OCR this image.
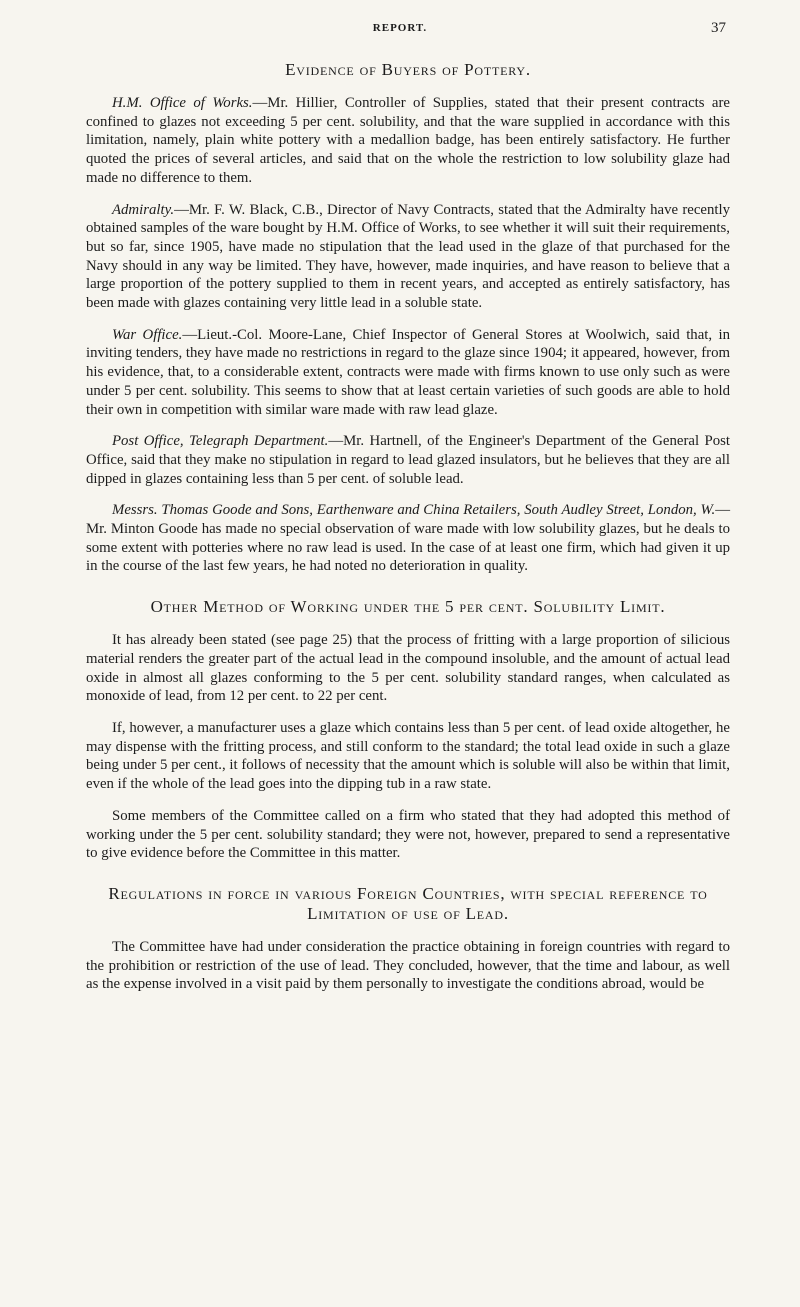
REPORT.	37
Evidence of Buyers of Pottery.

H.M. Office of Works.—Mr. Hillier, Controller of Supplies, stated that their present contracts are confined to glazes not exceeding 5 per cent. solubility, and that the ware supplied in accordance with this limitation, namely, plain white pottery with a medallion badge, has been entirely satisfactory. He further quoted the prices of several articles, and said that on the whole the restriction to low solubility glaze had made no difference to them.

Admiralty.—Mr. F. W. Black, C.B., Director of Navy Contracts, stated that the Admiralty have recently obtained samples of the ware bought by H.M. Office of Works, to see whether it will suit their requirements, but so far, since 1905, have made no stipulation that the lead used in the glaze of that purchased for the Navy should in any way be limited. They have, however, made inquiries, and have reason to believe that a large proportion of the pottery supplied to them in recent years, and accepted as entirely satisfactory, has been made with glazes containing very little lead in a soluble state.

War Office.—Lieut.-Col. Moore-Lane, Chief Inspector of General Stores at Woolwich, said that, in inviting tenders, they have made no restrictions in regard to the glaze since 1904; it appeared, however, from his evidence, that, to a considerable extent, contracts were made with firms known to use only such as were under 5 per cent. solubility. This seems to show that at least certain varieties of such goods are able to hold their own in competition with similar ware made with raw lead glaze.

Post Office, Telegraph Department.—Mr. Hartnell, of the Engineer's Department of the General Post Office, said that they make no stipulation in regard to lead glazed insulators, but he believes that they are all dipped in glazes containing less than 5 per cent. of soluble lead.

Messrs. Thomas Goode and Sons, Earthenware and China Retailers, South Audley Street, London, W.—Mr. Minton Goode has made no special observation of ware made with low solubility glazes, but he deals to some extent with potteries where no raw lead is used. In the case of at least one firm, which had given it up in the course of the last few years, he had noted no deterioration in quality.

Other Method of Working under the 5 per cent. Solubility Limit.

It has already been stated (see page 25) that the process of fritting with a large proportion of silicious material renders the greater part of the actual lead in the compound insoluble, and the amount of actual lead oxide in almost all glazes conforming to the 5 per cent. solubility standard ranges, when calculated as monoxide of lead, from 12 per cent. to 22 per cent.

If, however, a manufacturer uses a glaze which contains less than 5 per cent. of lead oxide altogether, he may dispense with the fritting process, and still conform to the standard; the total lead oxide in such a glaze being under 5 per cent., it follows of necessity that the amount which is soluble will also be within that limit, even if the whole of the lead goes into the dipping tub in a raw state.

Some members of the Committee called on a firm who stated that they had adopted this method of working under the 5 per cent. solubility standard; they were not, however, prepared to send a representative to give evidence before the Committee in this matter.

Regulations in force in various Foreign Countries, with special reference to Limitation of use of Lead.

The Committee have had under consideration the practice obtaining in foreign countries with regard to the prohibition or restriction of the use of lead. They concluded, however, that the time and labour, as well as the expense involved in a visit paid by them personally to investigate the conditions abroad, would be
